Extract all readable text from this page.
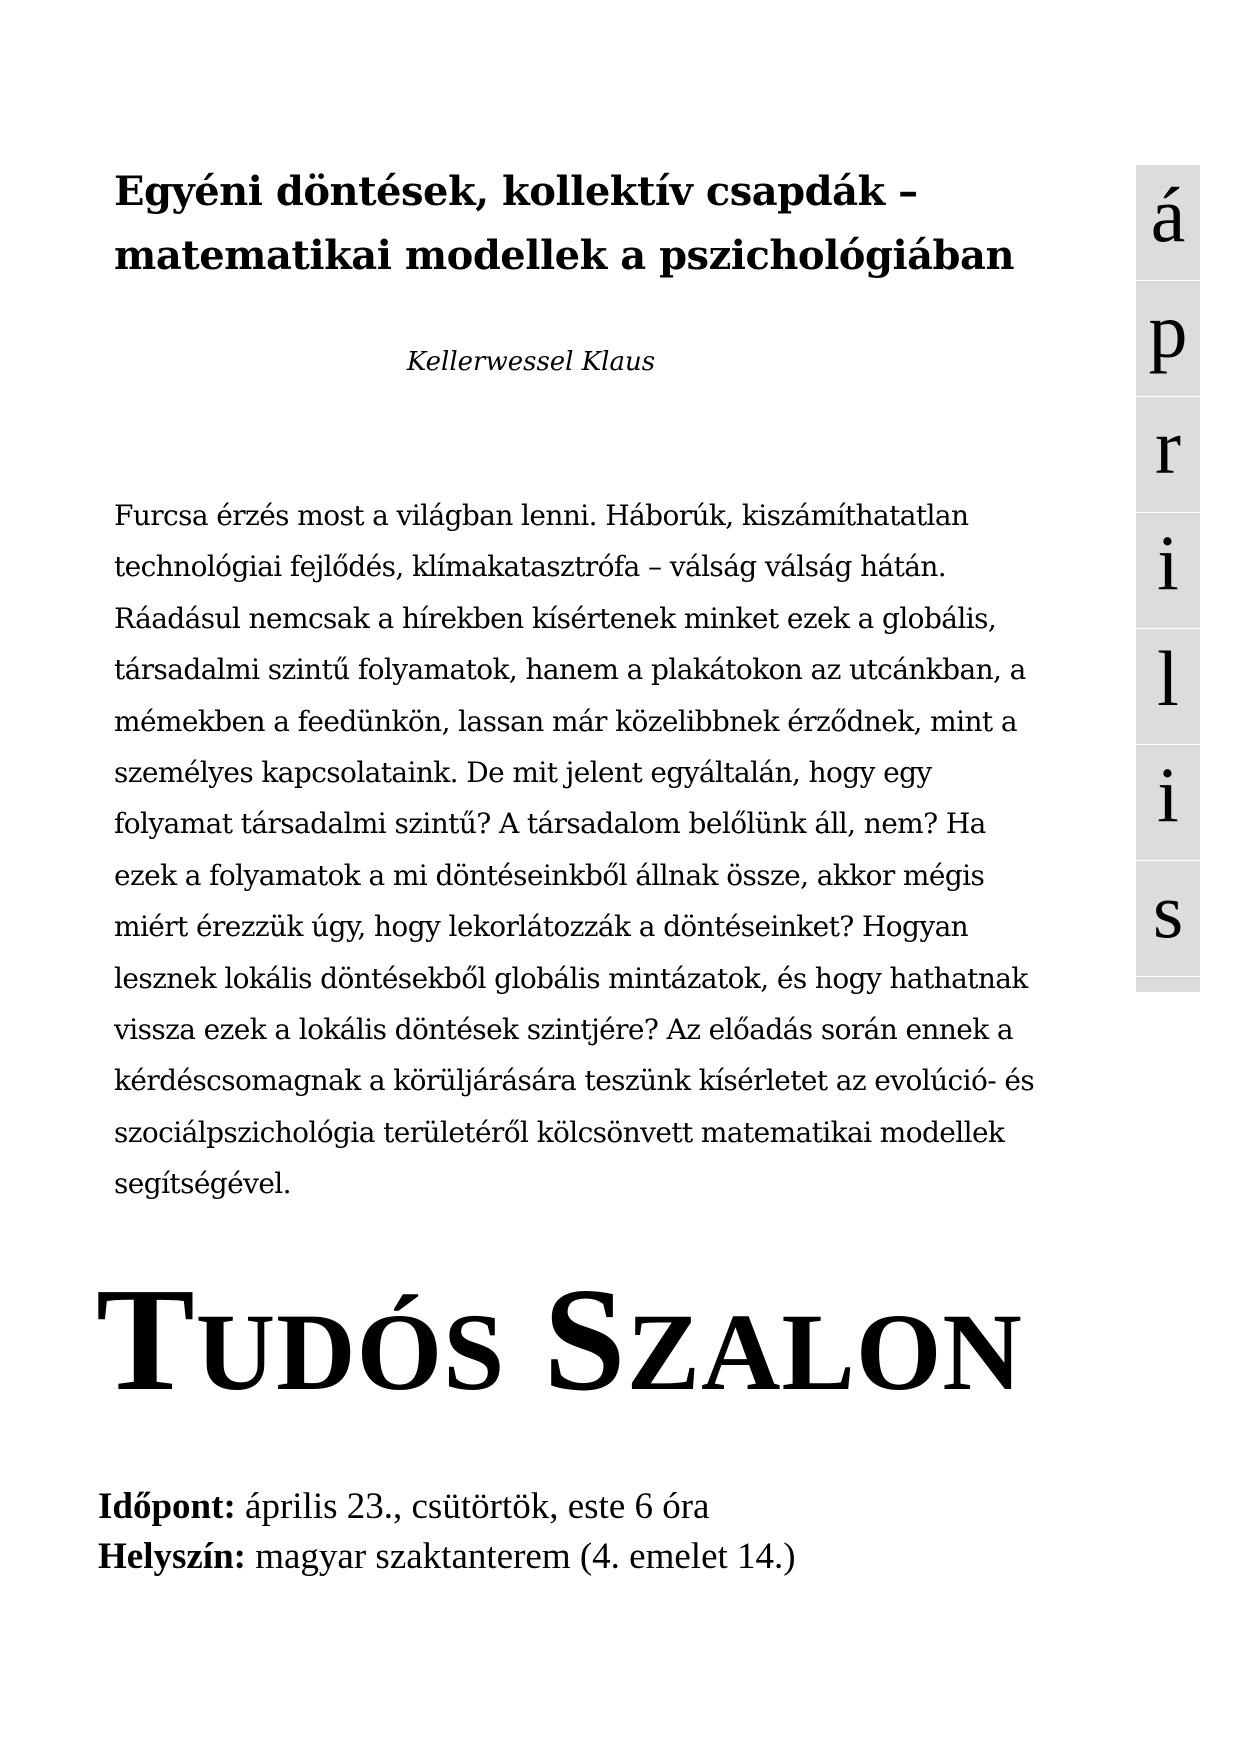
Egyéni döntések, kollektív csapdák –
matematikai modellek a pszichológiában
Kellerwessel Klaus
Furcsa érzés most a világban lenni. Háborúk, kiszámíthatatlan
technológiai fejlődés, klímakatasztrófa – válság válság hátán.
Ráadásul nemcsak a hírekben kísértenek minket ezek a globális,
társadalmi szintű folyamatok, hanem a plakátokon az utcánkban, a
mémekben a feedünkön, lassan már közelibbnek érződnek, mint a
személyes kapcsolataink. De mit jelent egyáltalán, hogy egy
folyamat társadalmi szintű? A társadalom belőlünk áll, nem? Ha
ezek a folyamatok a mi döntéseinkből állnak össze, akkor mégis
miért érezzük úgy, hogy lekorlátozzák a döntéseinket? Hogyan
lesznek lokális döntésekből globális mintázatok, és hogy hathatnak
vissza ezek a lokális döntések szintjére? Az előadás során ennek a
kérdéscsomagnak a körüljárására teszünk kísérletet az evolúció- és
szociálpszichológia területéről kölcsönvett matematikai modellek
segítségével.
á
p
r
i
l
i
s
TUDÓS SZALON
Időpont: április 23., csütörtök, este 6 óra
Helyszín: magyar szaktanterem (4. emelet 14.)
